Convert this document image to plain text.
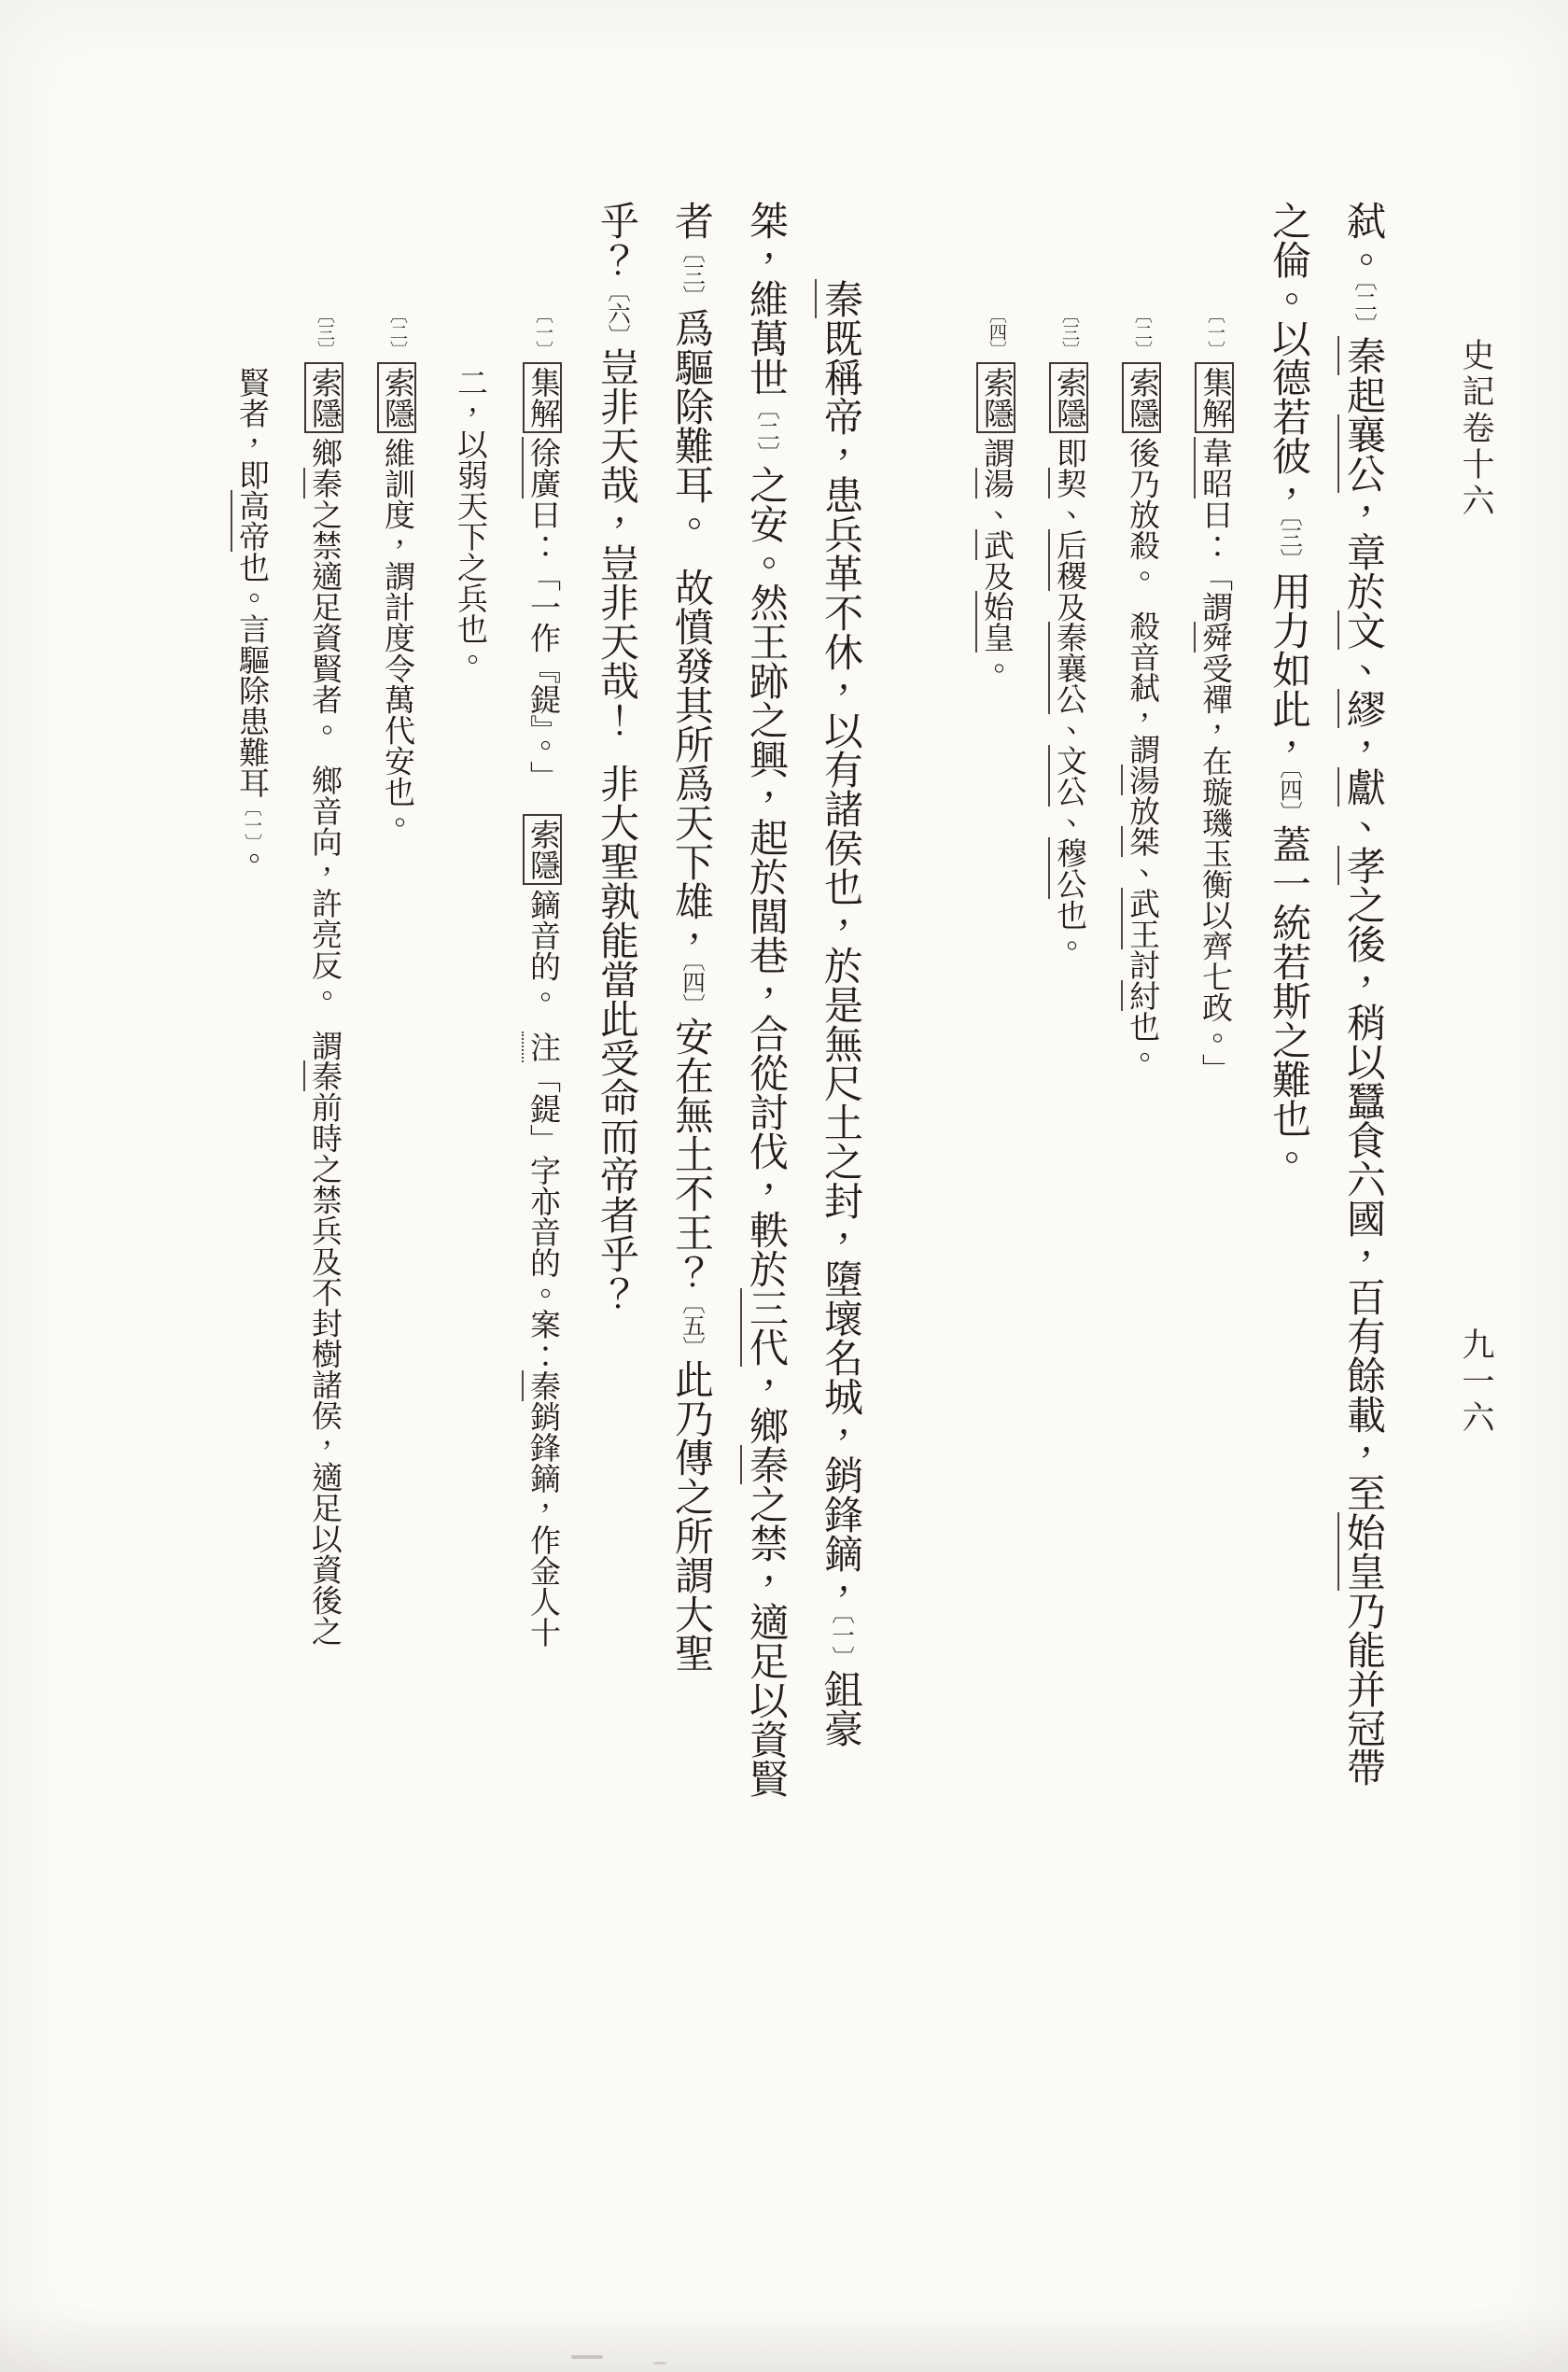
弑。〔二〕秦起襄公，章於文、繆，獻、孝之後，稍以蠶食六國，百有餘載，至始皇乃能并冠帶
之倫。以德若彼，〔三〕用力如此，〔四〕蓋一統若斯之難也。
〔一〕集解韋昭曰：「謂舜受禪，在璇璣玉衡以齊七政。」
〔二〕索隱後乃放殺。殺音弒，謂湯放桀、武王討紂也。
〔三〕索隱即契、后稷及秦襄公、文公、穆公也。
〔四〕索隱謂湯、武及始皇。
秦既稱帝，患兵革不休，以有諸侯也，於是無尺土之封，墮壞名城，銷鋒鏑，〔一〕鉏豪
桀，維萬世〔二〕之安。然王跡之興，起於閭巷，合從討伐，軼於三代，鄉秦之禁，適足以資賢
者〔三〕爲驅除難耳。故憤發其所爲天下雄，〔四〕安在無土不王？〔五〕此乃傳之所謂大聖
乎？〔六〕豈非天哉，豈非天哉！非大聖孰能當此受命而帝者乎？
〔一〕集解徐廣曰：「一作『鍉』。」索隱鏑音的。注「鍉」字亦音的。案：秦銷鋒鏑，作金人十
二，以弱天下之兵也。
〔二〕索隱維訓度，謂計度令萬代安也。
〔三〕索隱鄉秦之禁適足資賢者。鄉音向，許亮反。謂秦前時之禁兵及不封樹諸侯，適足以資後之
賢者，即高帝也。言驅除患難耳〔一〕。
史記卷十六
九一六
